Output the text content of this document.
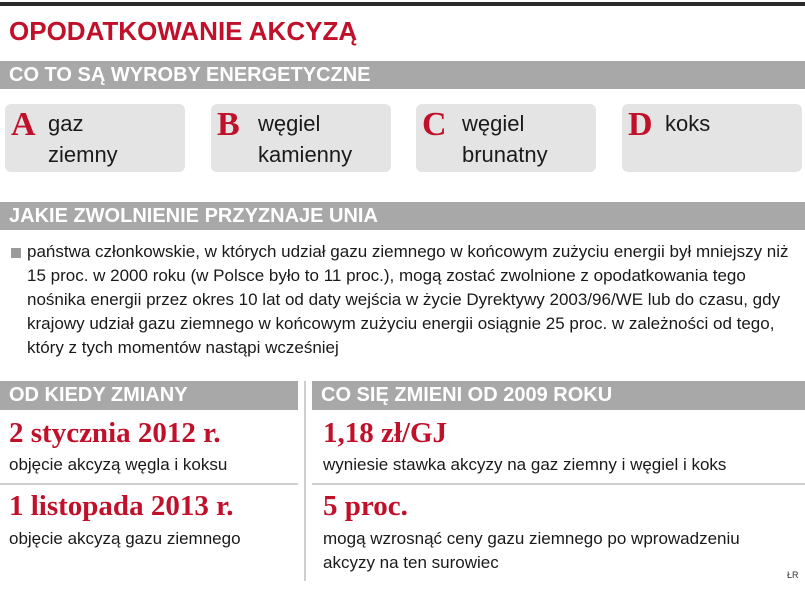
OPODATKOWANIE AKCYZĄ
CO TO SĄ WYROBY ENERGETYCZNE
A gaz
ziemny
B węgiel
kamienny
C węgiel
brunatny
D koks
JAKIE ZWOLNIENIE PRZYZNAJE UNIA
państwa członkowskie, w których udział gazu ziemnego w końcowym zużyciu energii był mniejszy niż 15 proc. w 2000 roku (w Polsce było to 11 proc.), mogą zostać zwolnione z opodatkowania tego nośnika energii przez okres 10 lat od daty wejścia w życie Dyrektywy 2003/96/WE lub do czasu, gdy krajowy udział gazu ziemnego w końcowym zużyciu energii osiągnie 25 proc. w zależności od tego, który z tych momentów nastąpi wcześniej
OD KIEDY ZMIANY	CO SIĘ ZMIENI OD 2009 ROKU
2 stycznia 2012 r.
objęcie akcyzą węgla i koksu
1 listopada 2013 r.
objęcie akcyzą gazu ziemnego
1,18 zł/GJ
wyniesie stawka akcyzy na gaz ziemny i węgiel i koks
5 proc.
mogą wzrosnąć ceny gazu ziemnego po wprowadzeniu akcyzy na ten surowiec
ŁR
